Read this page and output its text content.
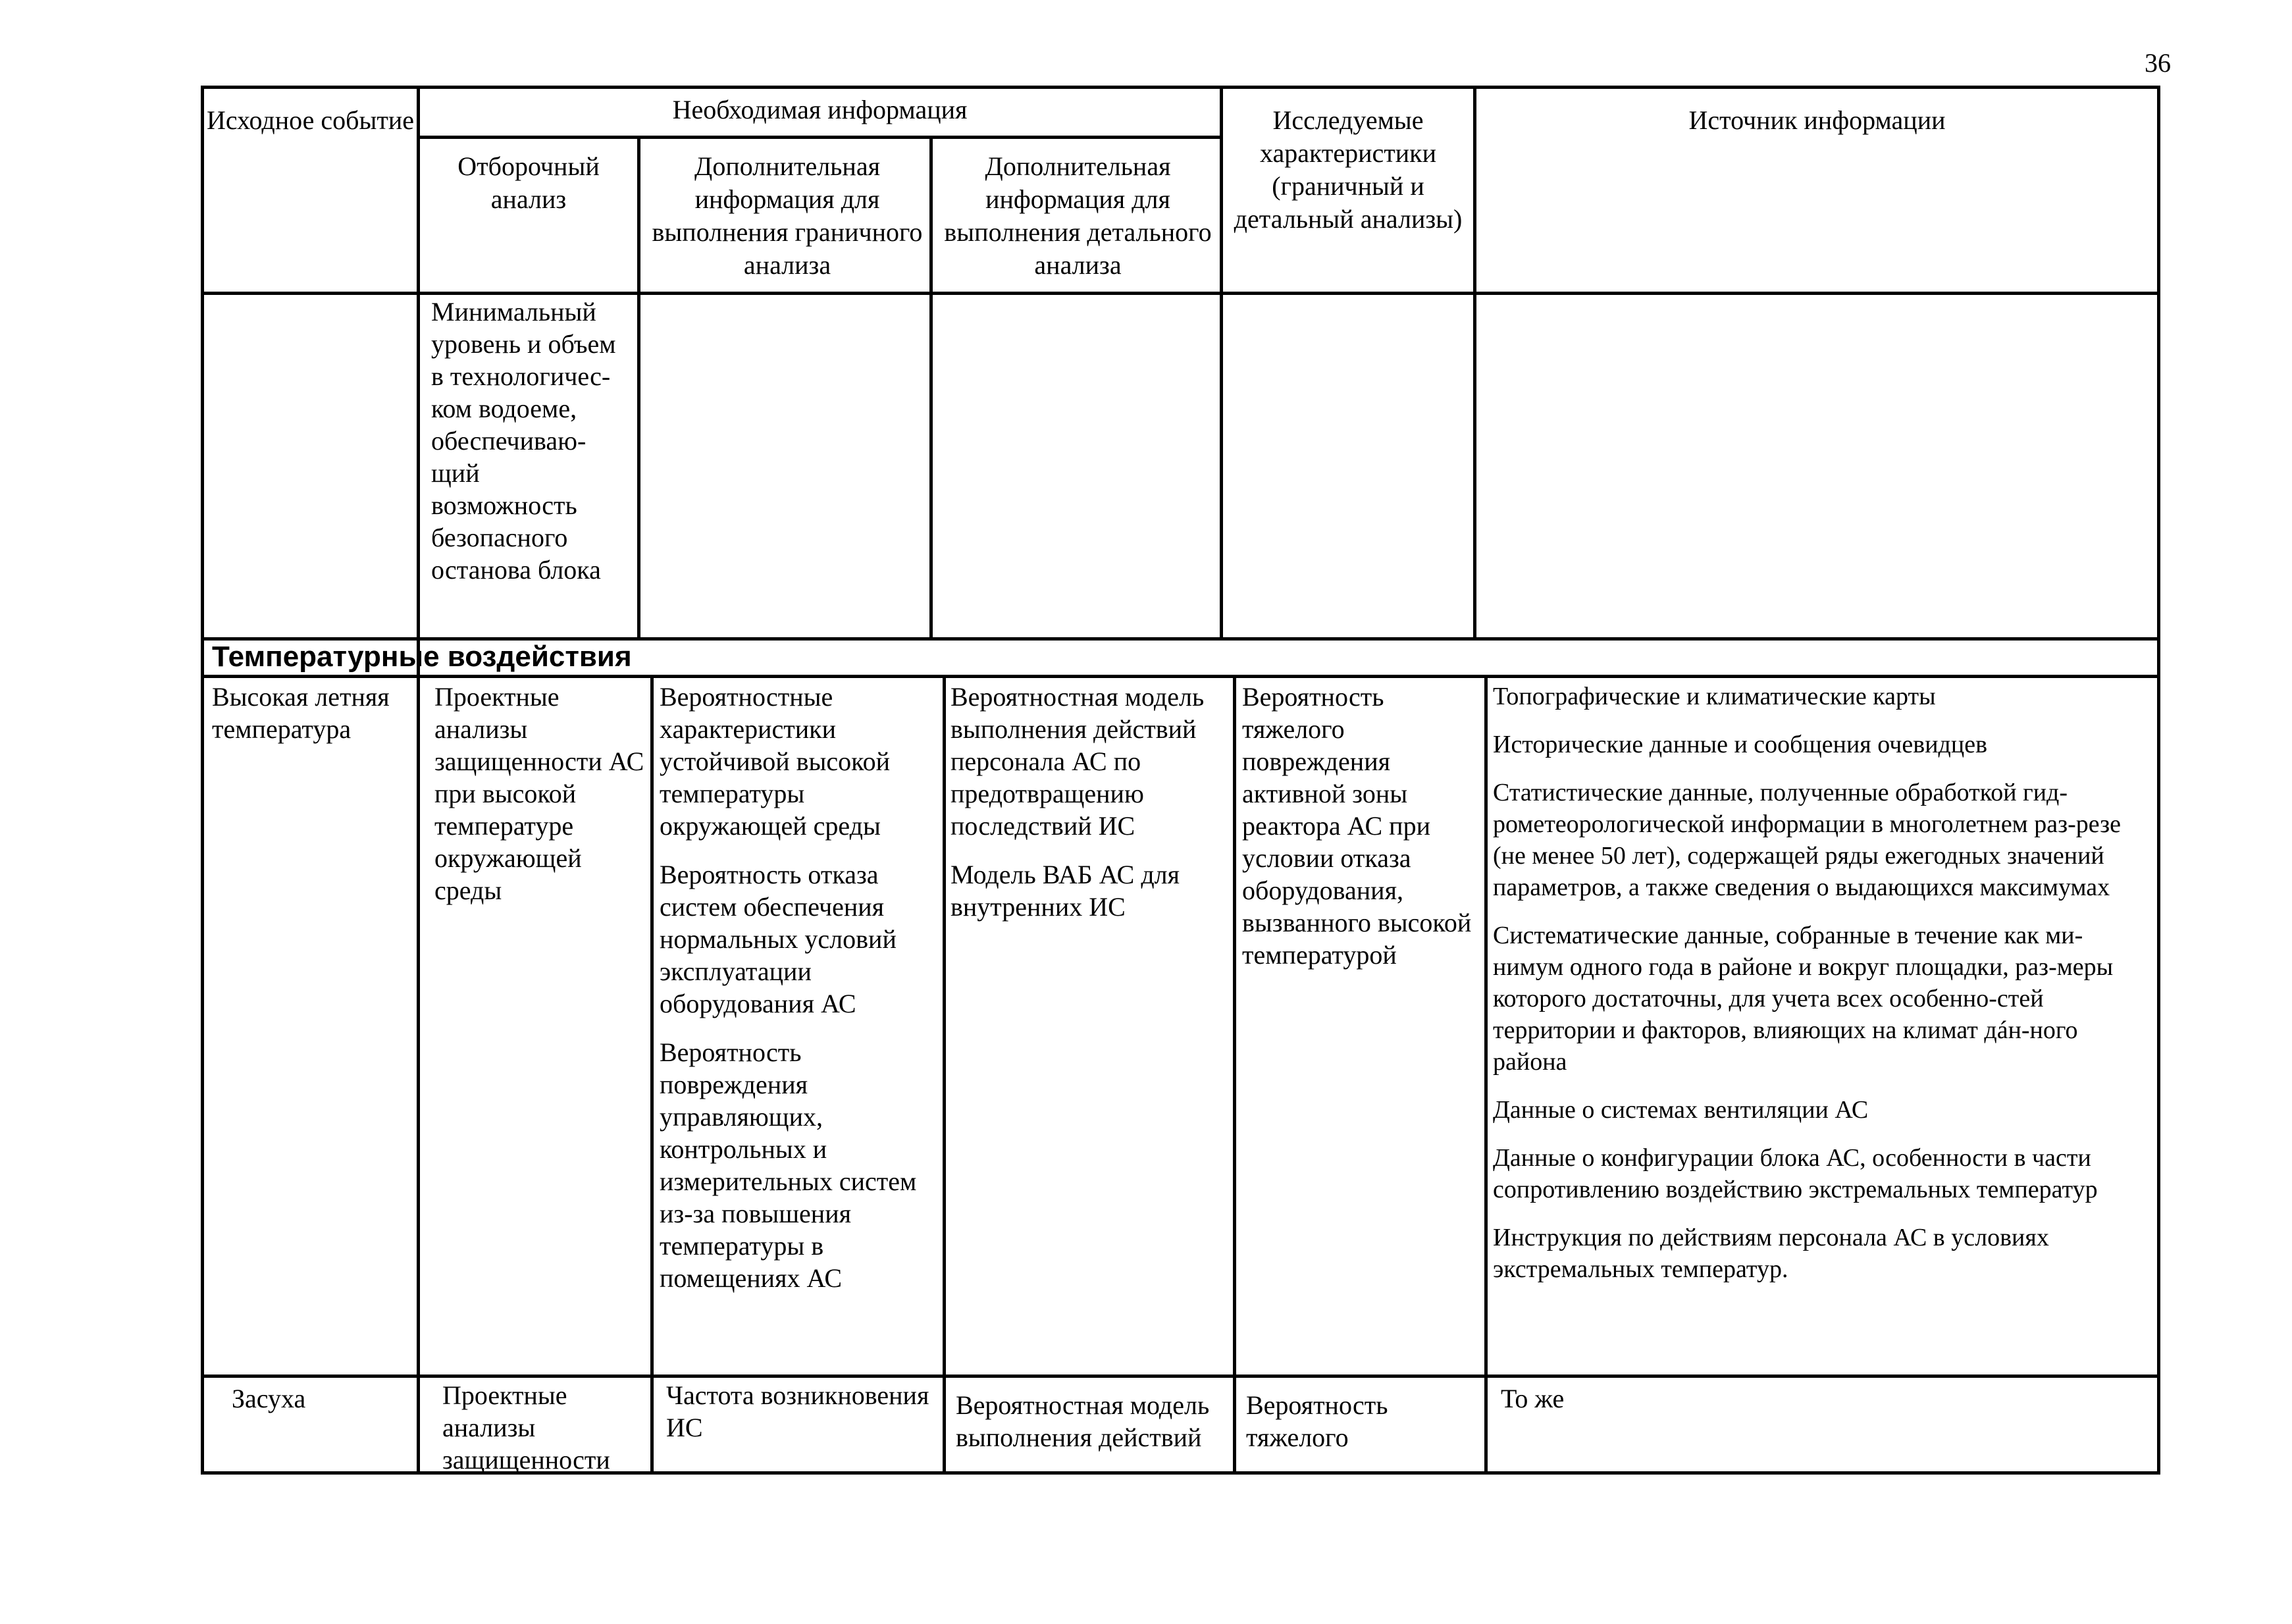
36
Исходное событие	Необходимая информация
Отборочный анализ
Дополнительная информация для выполнения граничного анализа
Дополнительная информация для выполнения детального анализа
Исследуемые характеристики (граничный и детальный анализы)
Источник информации
Минимальный уровень и объем в технологичес-ком водоеме, обеспечиваю-щий возможность безопасного останова блока
Температурные воздействия
Высокая летняя температура
Проектные анализы защищенности АС при высокой температуре окружающей среды

Вероятностные характеристики устойчивой высокой температуры окружающей среды

Вероятность отказа систем обеспечения нормальных условий эксплуатации оборудования АС

Вероятность повреждения управляющих, контрольных и измерительных систем из-за повышения температуры в помещениях АС

Вероятностная модель выполнения действий персонала АС по предотвращению последствий ИС

Модель ВАБ АС для внутренних ИС

Вероятность тяжелого повреждения активной зоны реактора АС при условии отказа оборудования, вызванного высокой температурой

Топографические и климатические карты

Исторические данные и сообщения очевидцев

Статистические данные, полученные обработкой гид-рометеорологической информации в многолетнем раз-резе (не менее 50 лет), содержащей ряды ежегодных значений параметров, а также сведения о выдающихся максимумах

Систематические данные, собранные в течение как ми-нимум одного года в районе и вокруг площадки, раз-меры которого достаточны, для учета всех особенно-стей территории и факторов, влияющих на климат дáн-ного района

Данные о системах вентиляции АС

Данные о конфигурации блока АС, особенности в части сопротивлению воздействию экстремальных температур

Инструкция по действиям персонала АС в условиях экстремальных температур.

Засуха	Проектные анализы защищенности
Частота возникновения ИС
Вероятностная модель выполнения действий
Вероятность тяжелого
То же
